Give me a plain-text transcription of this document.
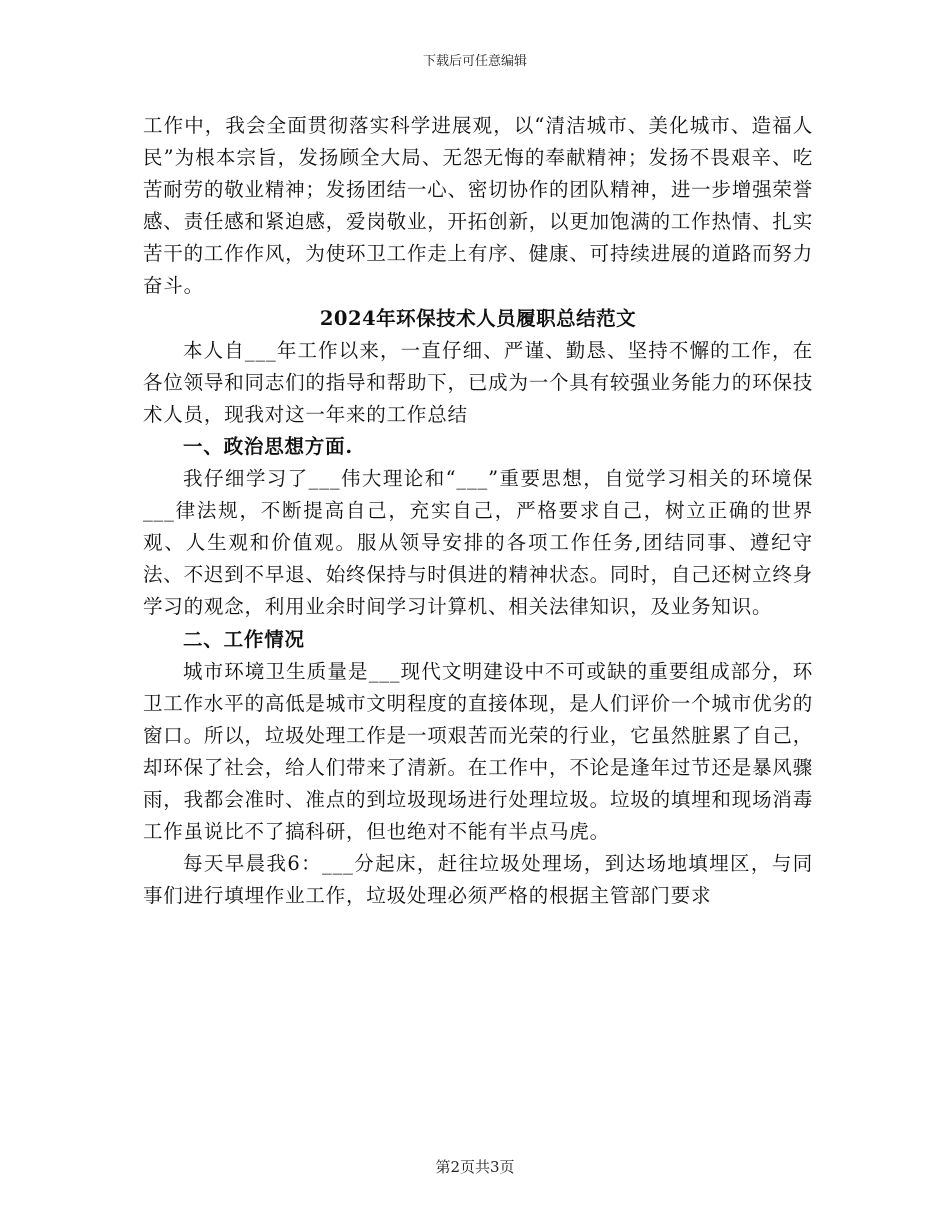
下载后可任意编辑

工作中，我会全面贯彻落实科学进展观，以“清洁城市、美化城市、造福人民”为根本宗旨，发扬顾全大局、无怨无悔的奉献精神；发扬不畏艰辛、吃苦耐劳的敬业精神；发扬团结一心、密切协作的团队精神，进一步增强荣誉感、责任感和紧迫感，爱岗敬业，开拓创新，以更加饱满的工作热情、扎实苦干的工作作风，为使环卫工作走上有序、健康、可持续进展的道路而努力奋斗。

2024年环保技术人员履职总结范文

本人自___年工作以来，一直仔细、严谨、勤恳、坚持不懈的工作，在各位领导和同志们的指导和帮助下，已成为一个具有较强业务能力的环保技术人员，现我对这一年来的工作总结

一、政治思想方面.

我仔细学习了___伟大理论和“___”重要思想，自觉学习相关的环境保___律法规，不断提高自己，充实自己，严格要求自己，树立正确的世界观、人生观和价值观。服从领导安排的各项工作任务,团结同事、遵纪守法、不迟到不早退、始终保持与时俱进的精神状态。同时，自己还树立终身学习的观念，利用业余时间学习计算机、相关法律知识，及业务知识。

二、工作情况

城市环境卫生质量是___现代文明建设中不可或缺的重要组成部分，环卫工作水平的高低是城市文明程度的直接体现，是人们评价一个城市优劣的窗口。所以，垃圾处理工作是一项艰苦而光荣的行业，它虽然脏累了自己，却环保了社会，给人们带来了清新。在工作中，不论是逢年过节还是暴风骤雨，我都会准时、准点的到垃圾现场进行处理垃圾。垃圾的填埋和现场消毒工作虽说比不了搞科研，但也绝对不能有半点马虎。

每天早晨我6：___分起床，赶往垃圾处理场，到达场地填埋区，与同事们进行填埋作业工作，垃圾处理必须严格的根据主管部门要求

第2页共3页
